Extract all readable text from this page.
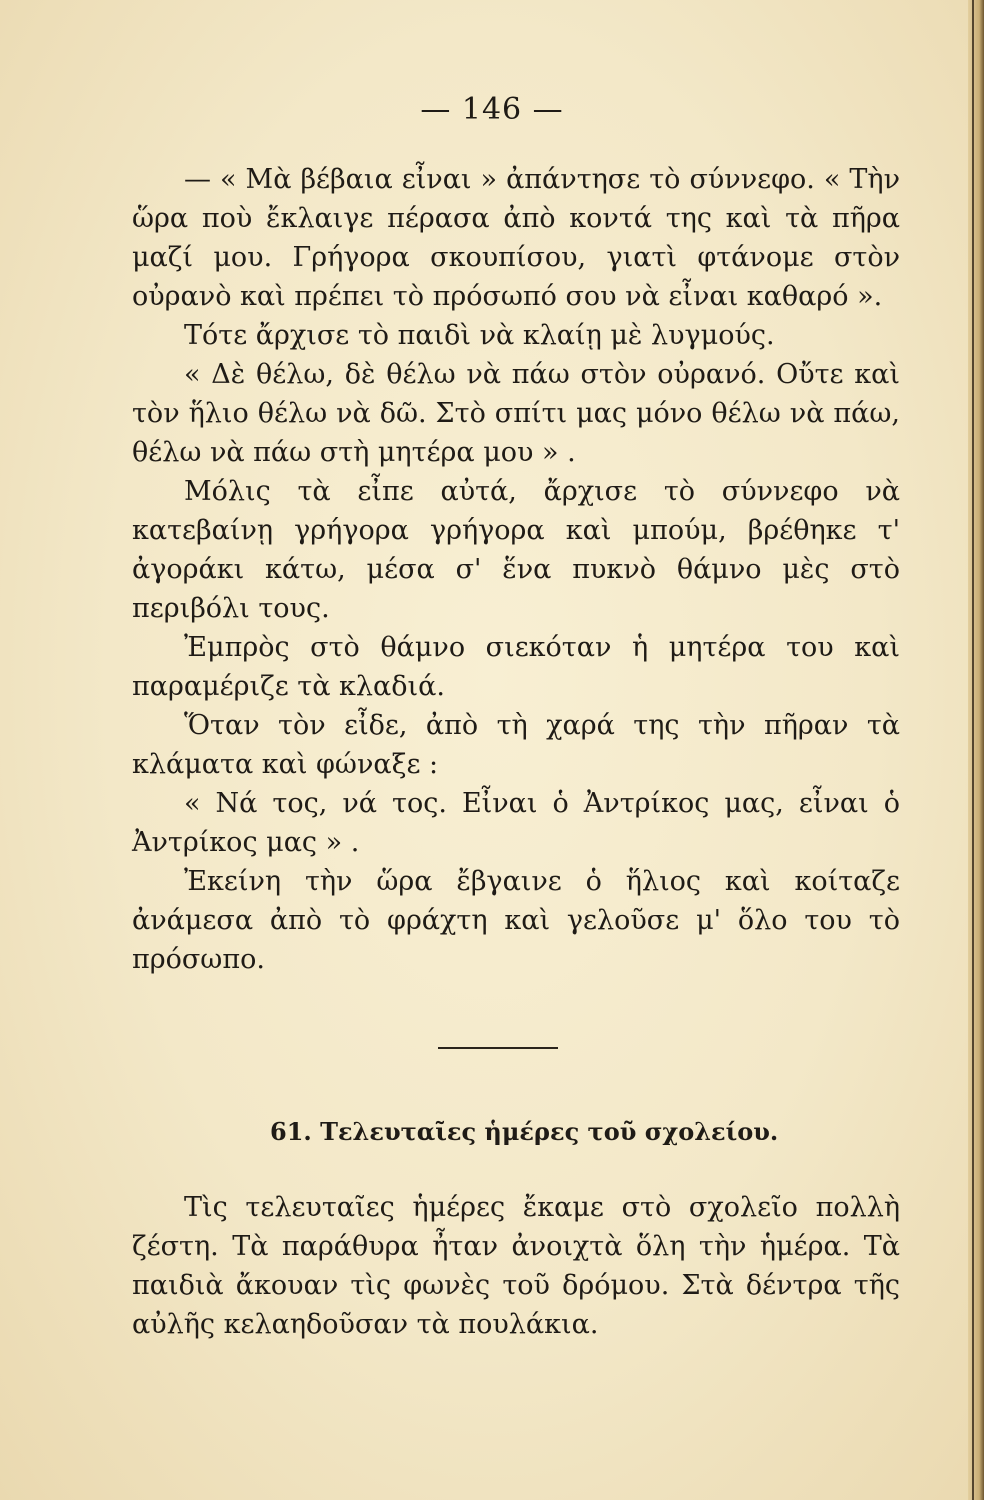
— 146 —

— « Μὰ βέβαια εἶναι » ἀπάντησε τὸ σύννεφο. « Τὴν ὥρα ποὺ ἔκλαιγε πέρασα ἀπὸ κοντά της καὶ τὰ πῆρα μαζί μου. Γρήγορα σκουπίσου, γιατὶ φτάνομε στὸν οὐρανὸ καὶ πρέπει τὸ πρόσωπό σου νὰ εἶναι καθαρό ».

Τότε ἄρχισε τὸ παιδὶ νὰ κλαίῃ μὲ λυγμούς.

« Δὲ θέλω, δὲ θέλω νὰ πάω στὸν οὐρανό. Οὔτε καὶ τὸν ἥλιο θέλω νὰ δῶ. Στὸ σπίτι μας μόνο θέλω νὰ πάω, θέλω νὰ πάω στὴ μητέρα μου » .

Μόλις τὰ εἶπε αὐτά, ἄρχισε τὸ σύννεφο νὰ κατεβαίνῃ γρήγορα γρήγορα καὶ μπούμ, βρέθηκε τ' ἀγοράκι κάτω, μέσα σ' ἕνα πυκνὸ θάμνο μὲς στὸ περιβόλι τους.

Ἐμπρὸς στὸ θάμνο σιεκόταν ἡ μητέρα του καὶ παραμέριζε τὰ κλαδιά.

Ὅταν τὸν εἶδε, ἀπὸ τὴ χαρά της τὴν πῆραν τὰ κλάματα καὶ φώναξε :

« Νά τος, νά τος. Εἶναι ὁ Ἀντρίκος μας, εἶναι ὁ Ἀντρίκος μας » .

Ἐκείνη τὴν ὥρα ἔβγαινε ὁ ἥλιος καὶ κοίταζε ἀνάμεσα ἀπὸ τὸ φράχτη καὶ γελοῦσε μ' ὅλο του τὸ πρόσωπο.

61. Τελευταῖες ἡμέρες τοῦ σχολείου.

Τὶς τελευταῖες ἡμέρες ἔκαμε στὸ σχολεῖο πολλὴ ζέστη. Τὰ παράθυρα ἦταν ἀνοιχτὰ ὅλη τὴν ἡμέρα. Τὰ παιδιὰ ἄκουαν τὶς φωνὲς τοῦ δρόμου. Στὰ δέντρα τῆς αὐλῆς κελαηδοῦσαν τὰ πουλάκια.
